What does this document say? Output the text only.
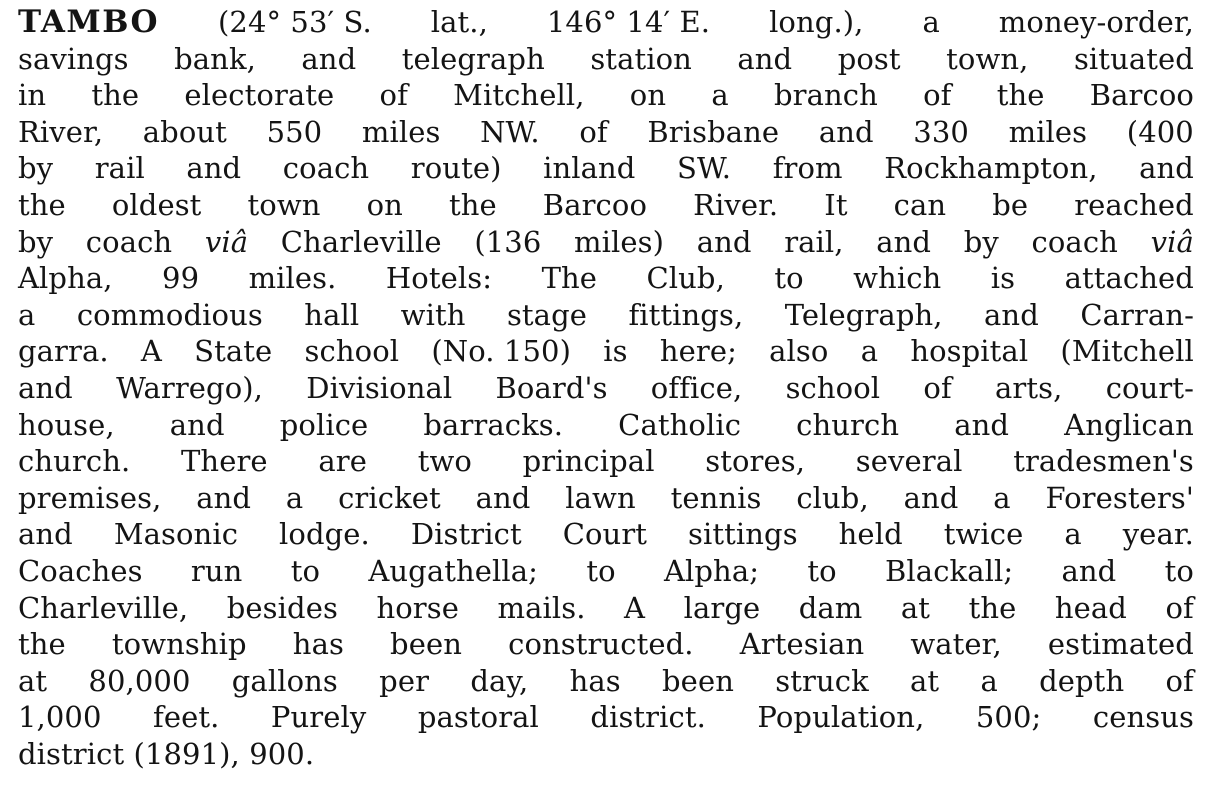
TAMBO (24° 53′ S. lat., 146° 14′ E. long.), a money-order,
savings bank, and telegraph station and post town, situated
in the electorate of Mitchell, on a branch of the Barcoo
River, about 550 miles NW. of Brisbane and 330 miles (400
by rail and coach route) inland SW. from Rockhampton, and
the oldest town on the Barcoo River. It can be reached
by coach viâ Charleville (136 miles) and rail, and by coach viâ
Alpha, 99 miles. Hotels: The Club, to which is attached
a commodious hall with stage fittings, Telegraph, and Carran-
garra. A State school (No. 150) is here; also a hospital (Mitchell
and Warrego), Divisional Board's office, school of arts, court-
house, and police barracks. Catholic church and Anglican
church. There are two principal stores, several tradesmen's
premises, and a cricket and lawn tennis club, and a Foresters'
and Masonic lodge. District Court sittings held twice a year.
Coaches run to Augathella; to Alpha; to Blackall; and to
Charleville, besides horse mails. A large dam at the head of
the township has been constructed. Artesian water, estimated
at 80,000 gallons per day, has been struck at a depth of
1,000 feet. Purely pastoral district. Population, 500; census
district (1891), 900.
